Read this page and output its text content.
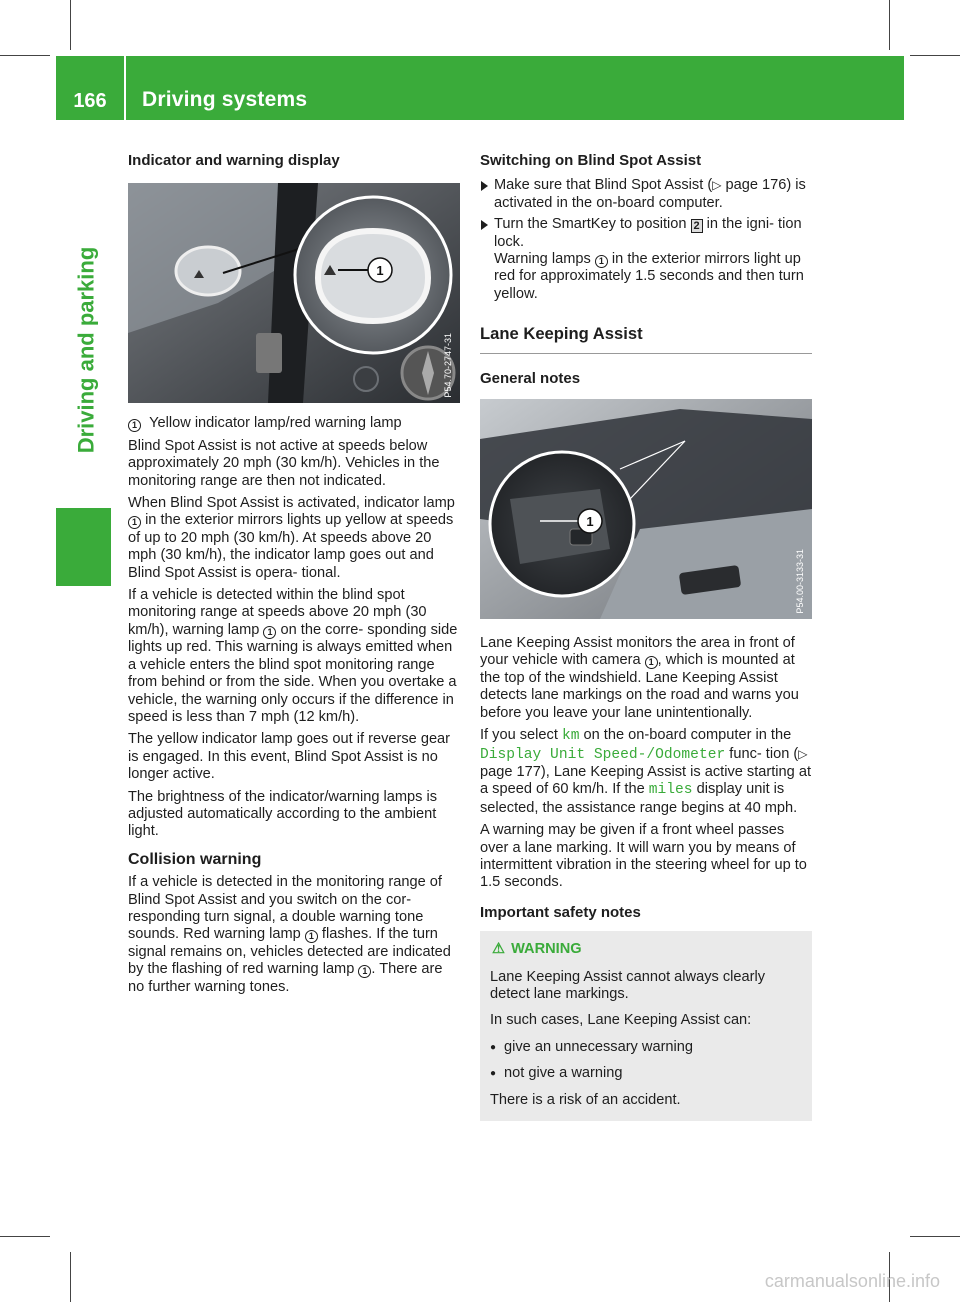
166	Driving systems
Driving and parking
Indicator and warning display
1
P54.70-2747-31

1 Yellow indicator lamp/red warning lamp

Blind Spot Assist is not active at speeds below approximately 20 mph (30 km/h). Vehicles in the monitoring range are then not indicated.

When Blind Spot Assist is activated, indicator lamp 1 in the exterior mirrors lights up yellow at speeds of up to 20 mph (30 km/h). At speeds above 20 mph (30 km/h), the indicator lamp goes out and Blind Spot Assist is opera- tional.

If a vehicle is detected within the blind spot monitoring range at speeds above 20 mph (30 km/h), warning lamp 1 on the corre- sponding side lights up red. This warning is always emitted when a vehicle enters the blind spot monitoring range from behind or from the side. When you overtake a vehicle, the warning only occurs if the difference in speed is less than 7 mph (12 km/h).

The yellow indicator lamp goes out if reverse gear is engaged. In this event, Blind Spot Assist is no longer active.

The brightness of the indicator/warning lamps is adjusted automatically according to the ambient light.

Collision warning

If a vehicle is detected in the monitoring range of Blind Spot Assist and you switch on the cor- responding turn signal, a double warning tone sounds. Red warning lamp 1 flashes. If the turn signal remains on, vehicles detected are indicated by the flashing of red warning lamp 1 . There are no further warning tones.

Switching on Blind Spot Assist
Make sure that Blind Spot Assist (▷ page 176) is activated in the on-board computer.
Turn the SmartKey to position 2 in the igni- tion lock.
Warning lamps 1 in the exterior mirrors light up red for approximately 1.5 seconds and then turn yellow.
Lane Keeping Assist
General notes
1
P54.00-3133-31

Lane Keeping Assist monitors the area in front of your vehicle with camera 1 , which is mounted at the top of the windshield. Lane Keeping Assist detects lane markings on the road and warns you before you leave your lane unintentionally.

If you select km on the on-board computer in the Display Unit Speed-/Odometer func- tion (▷ page 177), Lane Keeping Assist is active starting at a speed of 60 km/h. If the miles display unit is selected, the assistance range begins at 40 mph.

A warning may be given if a front wheel passes over a lane marking. It will warn you by means of intermittent vibration in the steering wheel for up to 1.5 seconds.

Important safety notes
⚠ WARNING

Lane Keeping Assist cannot always clearly detect lane markings.

In such cases, Lane Keeping Assist can:

● give an unnecessary warning
● not give a warning

There is a risk of an accident.

carmanualsonline.info
